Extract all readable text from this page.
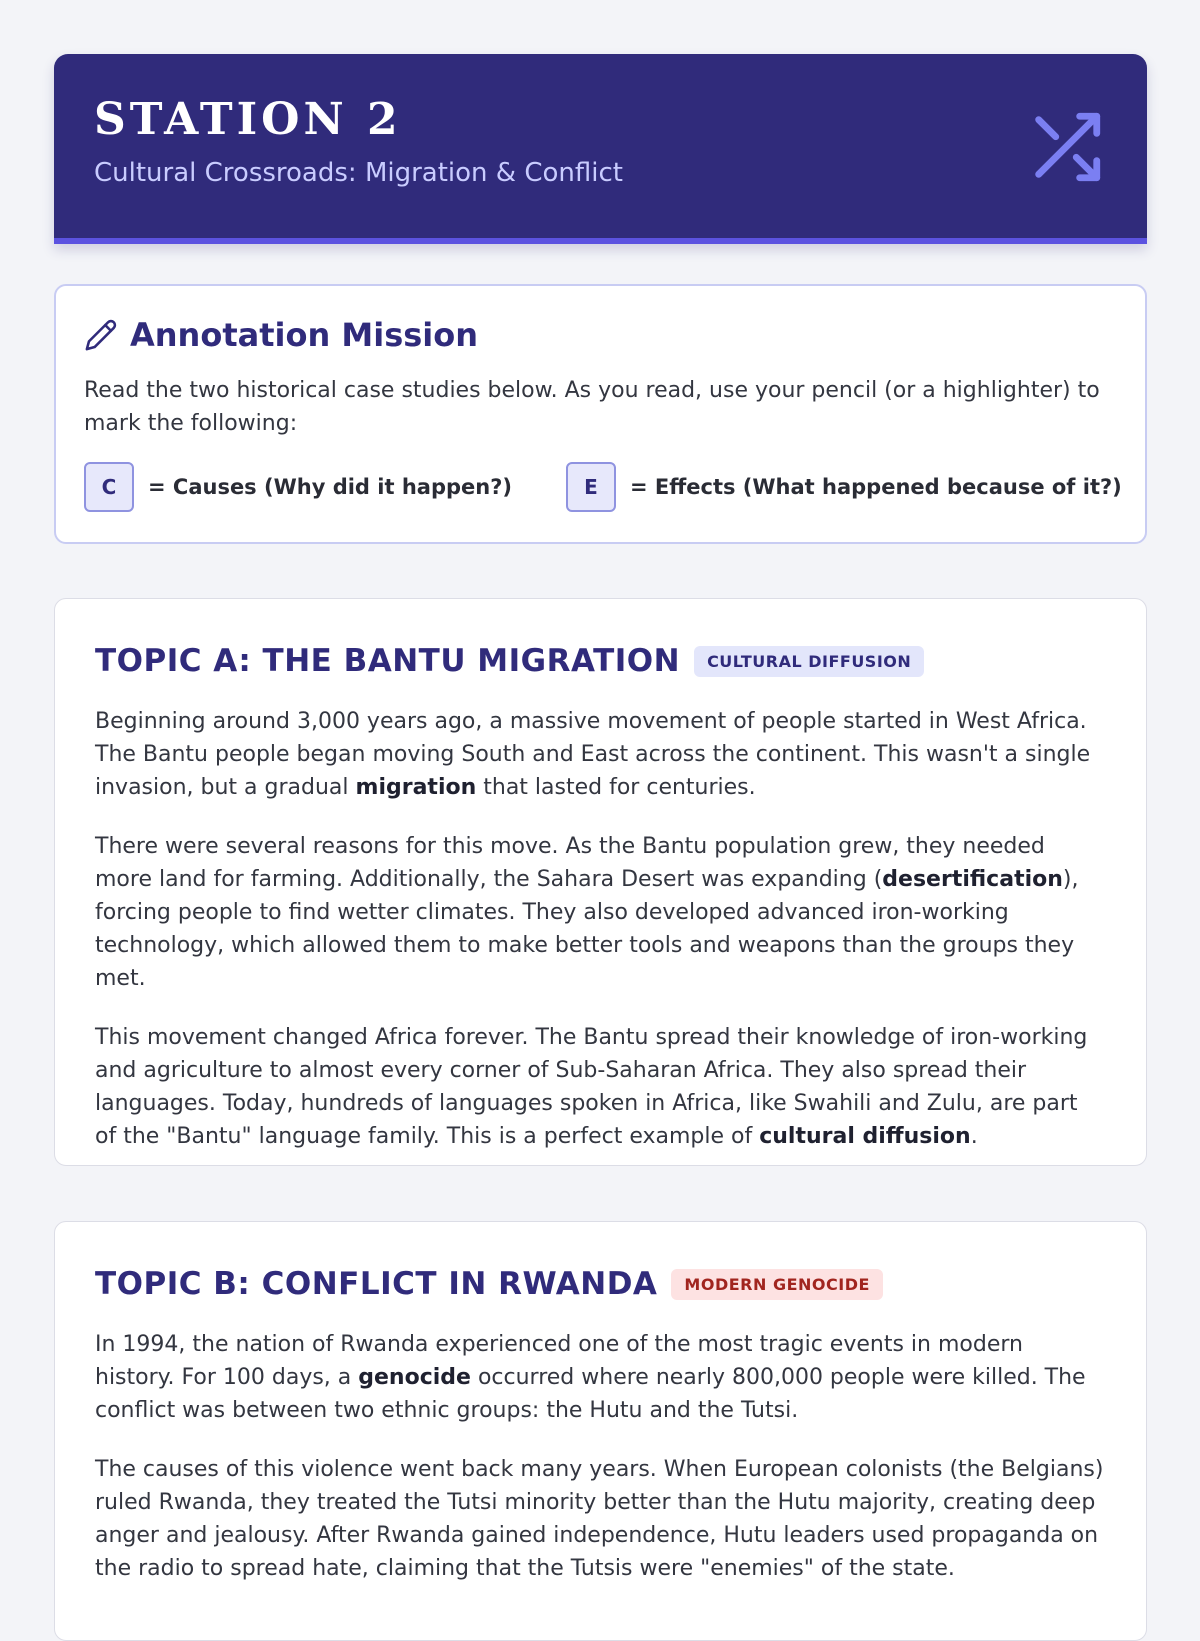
STATION 2
Cultural Crossroads: Migration & Conflict
Annotation Mission
Read the two historical case studies below. As you read, use your pencil (or a highlighter) to mark the following:
C	= Causes (Why did it happen?)	E	= Effects (What happened because of it?)
TOPIC A: THE BANTU MIGRATION	CULTURAL DIFFUSION

Beginning around 3,000 years ago, a massive movement of people started in West Africa. The Bantu people began moving South and East across the continent. This wasn't a single invasion, but a gradual migration that lasted for centuries.

There were several reasons for this move. As the Bantu population grew, they needed more land for farming. Additionally, the Sahara Desert was expanding (desertification), forcing people to find wetter climates. They also developed advanced iron-working technology, which allowed them to make better tools and weapons than the groups they met.

This movement changed Africa forever. The Bantu spread their knowledge of iron-working and agriculture to almost every corner of Sub-Saharan Africa. They also spread their languages. Today, hundreds of languages spoken in Africa, like Swahili and Zulu, are part of the "Bantu" language family. This is a perfect example of cultural diffusion.

TOPIC B: CONFLICT IN RWANDA	MODERN GENOCIDE

In 1994, the nation of Rwanda experienced one of the most tragic events in modern history. For 100 days, a genocide occurred where nearly 800,000 people were killed. The conflict was between two ethnic groups: the Hutu and the Tutsi.

The causes of this violence went back many years. When European colonists (the Belgians) ruled Rwanda, they treated the Tutsi minority better than the Hutu majority, creating deep anger and jealousy. After Rwanda gained independence, Hutu leaders used propaganda on the radio to spread hate, claiming that the Tutsis were "enemies" of the state.
